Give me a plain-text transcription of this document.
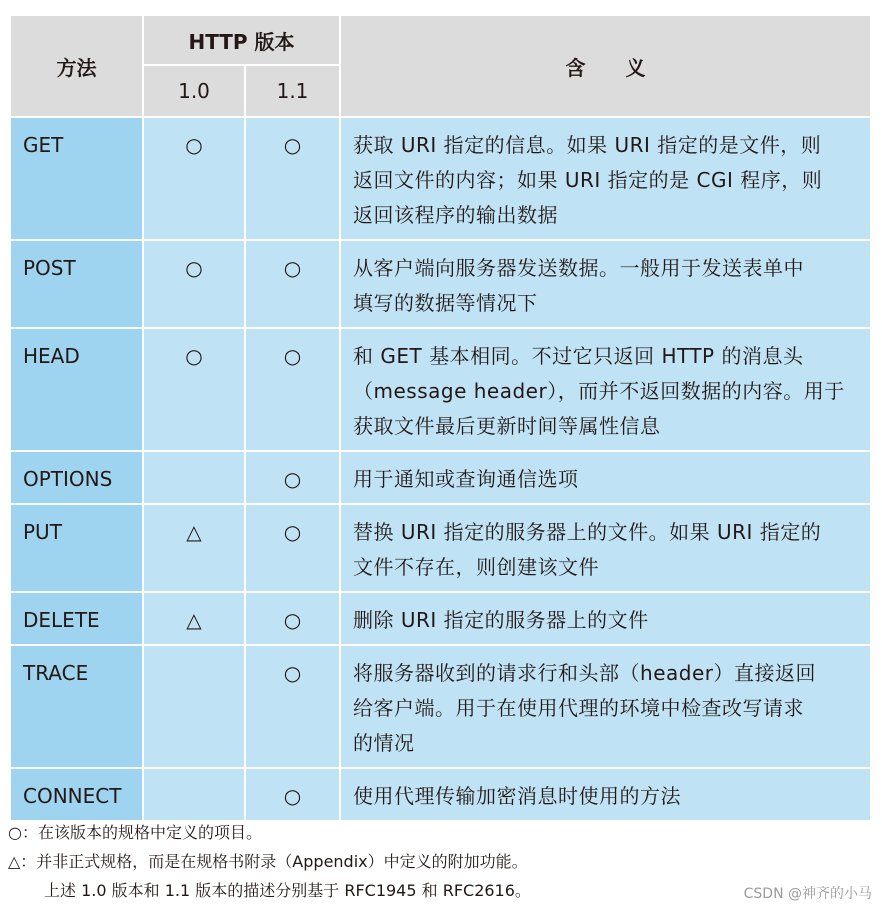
方法	HTTP 版本		含　　义
	1.0	1.1	
GET	○	○	获取 URI 指定的信息。如果 URI 指定的是文件，则
返回文件的内容；如果 URI 指定的是 CGI 程序，则
返回该程序的输出数据

POST	○	○	从客户端向服务器发送数据。一般用于发送表单中
填写的数据等情况下

HEAD	○	○	和 GET 基本相同。不过它只返回 HTTP 的消息头
（message header），而并不返回数据的内容。用于
获取文件最后更新时间等属性信息

OPTIONS		○	用于通知或查询通信选项

PUT	△	○	替换 URI 指定的服务器上的文件。如果 URI 指定的
文件不存在，则创建该文件

DELETE	△	○	删除 URI 指定的服务器上的文件

TRACE		○	将服务器收到的请求行和头部（header）直接返回
给客户端。用于在使用代理的环境中检查改写请求
的情况

CONNECT		○	使用代理传输加密消息时使用的方法
○：在该版本的规格中定义的项目。
△：并非正式规格，而是在规格书附录（Appendix）中定义的附加功能。
上述 1.0 版本和 1.1 版本的描述分别基于 RFC1945 和 RFC2616。	CSDN @神齐的小马
